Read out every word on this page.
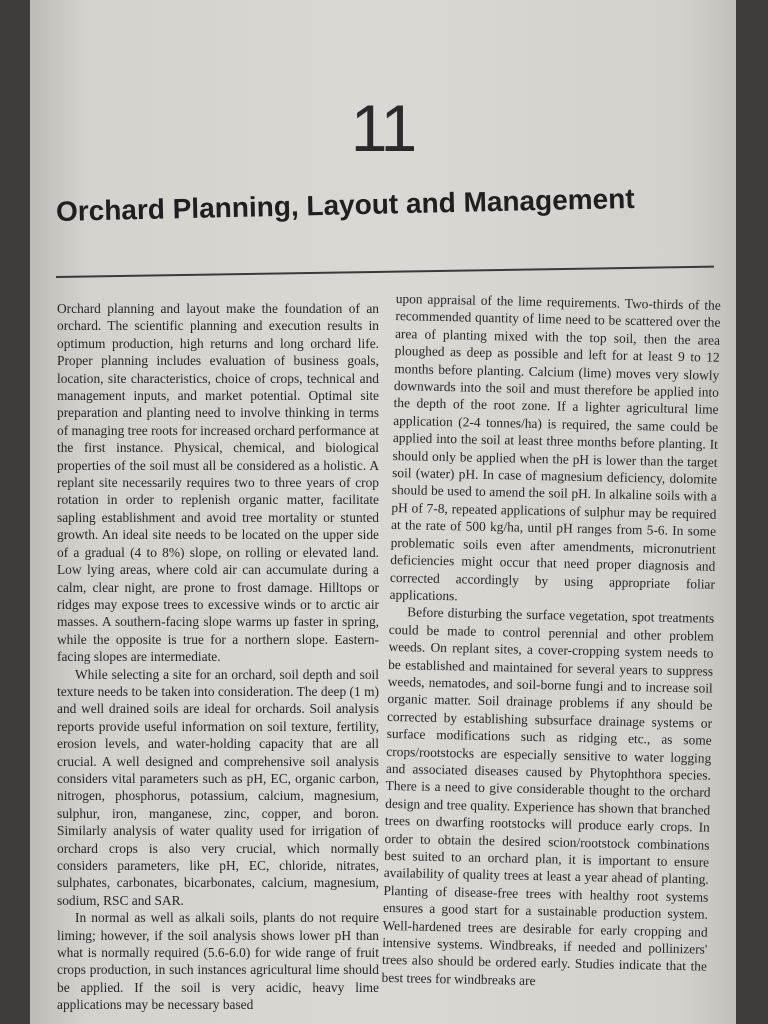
11
Orchard Planning, Layout and Management

Orchard planning and layout make the foundation of an orchard. The scientific planning and execution results in optimum production, high returns and long orchard life. Proper planning includes evaluation of business goals, location, site characteristics, choice of crops, technical and management inputs, and market potential. Optimal site preparation and planting need to involve thinking in terms of managing tree roots for increased orchard performance at the first instance. Physical, chemical, and biological properties of the soil must all be considered as a holistic. A replant site necessarily requires two to three years of crop rotation in order to replenish organic matter, facilitate sapling establishment and avoid tree mortality or stunted growth. An ideal site needs to be located on the upper side of a gradual (4 to 8%) slope, on rolling or elevated land. Low lying areas, where cold air can accumulate during a calm, clear night, are prone to frost damage. Hilltops or ridges may expose trees to excessive winds or to arctic air masses. A southern-facing slope warms up faster in spring, while the opposite is true for a northern slope. Eastern-facing slopes are intermediate.

While selecting a site for an orchard, soil depth and soil texture needs to be taken into consideration. The deep (1 m) and well drained soils are ideal for orchards. Soil analysis reports provide useful information on soil texture, fertility, erosion levels, and water-holding capacity that are all crucial. A well designed and comprehensive soil analysis considers vital parameters such as pH, EC, organic carbon, nitrogen, phosphorus, potassium, calcium, magnesium, sulphur, iron, manganese, zinc, copper, and boron. Similarly analysis of water quality used for irrigation of orchard crops is also very crucial, which normally considers parameters, like pH, EC, chloride, nitrates, sulphates, carbonates, bicarbonates, calcium, magnesium, sodium, RSC and SAR.

In normal as well as alkali soils, plants do not require liming; however, if the soil analysis shows lower pH than what is normally required (5.6-6.0) for wide range of fruit crops production, in such instances agricultural lime should be applied. If the soil is very acidic, heavy lime applications may be necessary based

upon appraisal of the lime requirements. Two-thirds of the recommended quantity of lime need to be scattered over the area of planting mixed with the top soil, then the area ploughed as deep as possible and left for at least 9 to 12 months before planting. Calcium (lime) moves very slowly downwards into the soil and must therefore be applied into the depth of the root zone. If a lighter agricultural lime application (2-4 tonnes/ha) is required, the same could be applied into the soil at least three months before planting. It should only be applied when the pH is lower than the target soil (water) pH. In case of magnesium deficiency, dolomite should be used to amend the soil pH. In alkaline soils with a pH of 7-8, repeated applications of sulphur may be required at the rate of 500 kg/ha, until pH ranges from 5-6. In some problematic soils even after amendments, micronutrient deficiencies might occur that need proper diagnosis and corrected accordingly by using appropriate foliar applications.

Before disturbing the surface vegetation, spot treatments could be made to control perennial and other problem weeds. On replant sites, a cover-cropping system needs to be established and maintained for several years to suppress weeds, nematodes, and soil-borne fungi and to increase soil organic matter. Soil drainage problems if any should be corrected by establishing subsurface drainage systems or surface modifications such as ridging etc., as some crops/rootstocks are especially sensitive to water logging and associated diseases caused by Phytophthora species. There is a need to give considerable thought to the orchard design and tree quality. Experience has shown that branched trees on dwarfing rootstocks will produce early crops. In order to obtain the desired scion/rootstock combinations best suited to an orchard plan, it is important to ensure availability of quality trees at least a year ahead of planting. Planting of disease-free trees with healthy root systems ensures a good start for a sustainable production system. Well-hardened trees are desirable for early cropping and intensive systems. Windbreaks, if needed and pollinizers' trees also should be ordered early. Studies indicate that the best trees for windbreaks are
